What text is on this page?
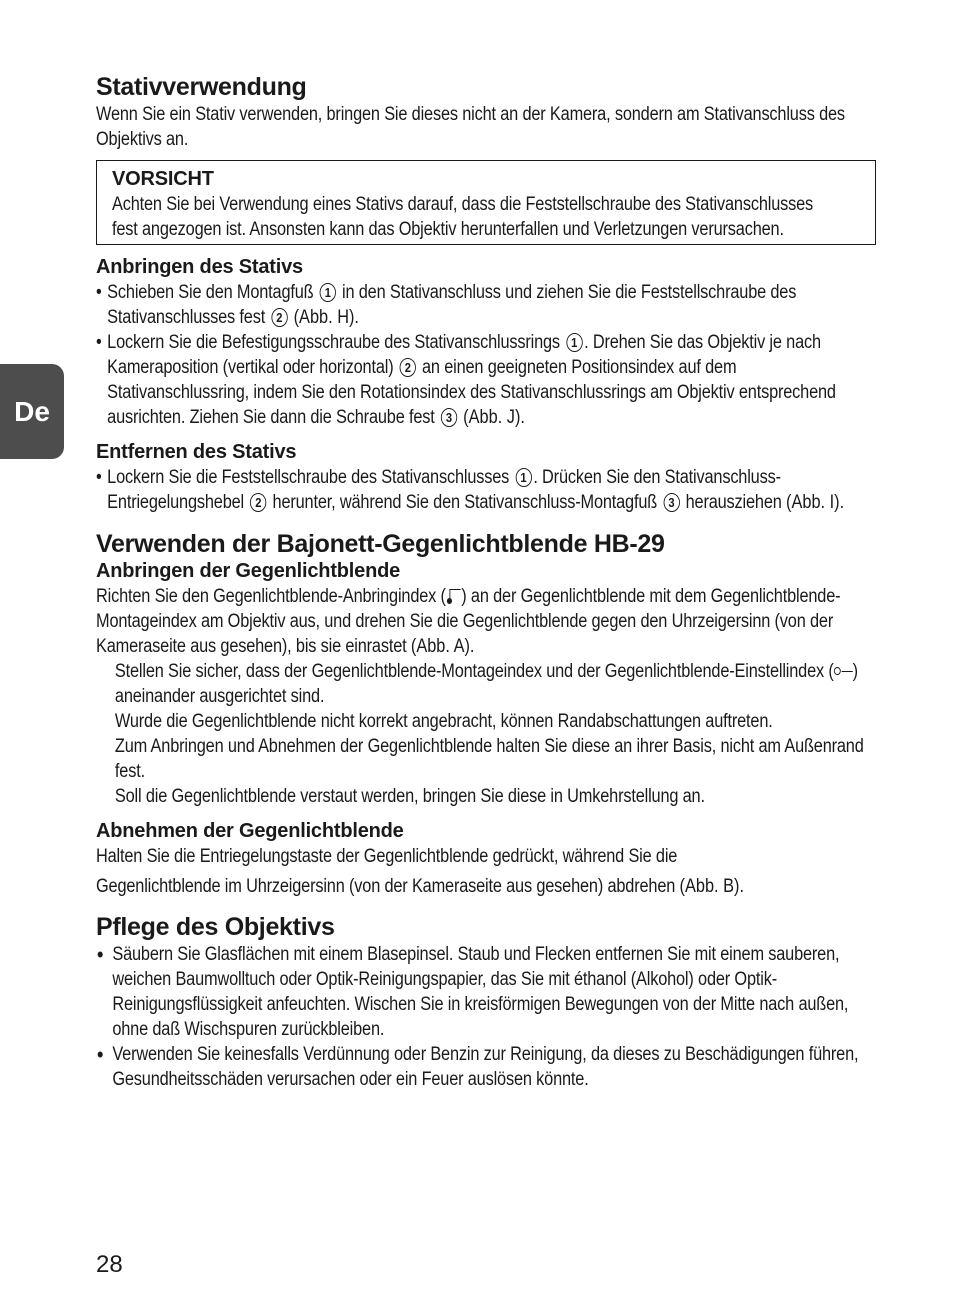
De
Stativverwendung
Wenn Sie ein Stativ verwenden, bringen Sie dieses nicht an der Kamera, sondern am Stativanschluss des Objektivs an.
VORSICHT
Achten Sie bei Verwendung eines Stativs darauf, dass die Feststellschraube des Stativanschlusses fest angezogen ist. Ansonsten kann das Objektiv herunterfallen und Verletzungen verursachen.
Anbringen des Stativs
• Schieben Sie den Montagfuß 1 in den Stativanschluss und ziehen Sie die Feststellschraube des Stativanschlusses fest 2 (Abb. H).
• Lockern Sie die Befestigungsschraube des Stativanschlussrings 1 . Drehen Sie das Objektiv je nach Kameraposition (vertikal oder horizontal) 2 an einen geeigneten Positionsindex auf dem Stativanschlussring, indem Sie den Rotationsindex des Stativanschlussrings am Objektiv entsprechend ausrichten. Ziehen Sie dann die Schraube fest 3 (Abb. J).
Entfernen des Stativs
• Lockern Sie die Feststellschraube des Stativanschlusses 1 . Drücken Sie den Stativanschluss-Entriegelungshebel 2 herunter, während Sie den Stativanschluss-Montagfuß 3 herausziehen (Abb. I).
Verwenden der Bajonett-Gegenlichtblende HB-29
Anbringen der Gegenlichtblende
Richten Sie den Gegenlichtblende-Anbringindex ( ) an der Gegenlichtblende mit dem Gegenlichtblende-Montageindex am Objektiv aus, und drehen Sie die Gegenlichtblende gegen den Uhrzeigersinn (von der Kameraseite aus gesehen), bis sie einrastet (Abb. A).
Stellen Sie sicher, dass der Gegenlichtblende-Montageindex und der Gegenlichtblende-Einstellindex ( ) aneinander ausgerichtet sind.
Wurde die Gegenlichtblende nicht korrekt angebracht, können Randabschattungen auftreten.
Zum Anbringen und Abnehmen der Gegenlichtblende halten Sie diese an ihrer Basis, nicht am Außenrand fest.
Soll die Gegenlichtblende verstaut werden, bringen Sie diese in Umkehrstellung an.
Abnehmen der Gegenlichtblende
Halten Sie die Entriegelungstaste der Gegenlichtblende gedrückt, während Sie die
Gegenlichtblende im Uhrzeigersinn (von der Kameraseite aus gesehen) abdrehen (Abb. B).
Pflege des Objektivs
• Säubern Sie Glasflächen mit einem Blasepinsel. Staub und Flecken entfernen Sie mit einem sauberen, weichen Baumwolltuch oder Optik-Reinigungspapier, das Sie mit éthanol (Alkohol) oder Optik-Reinigungsflüssigkeit anfeuchten. Wischen Sie in kreisförmigen Bewegungen von der Mitte nach außen, ohne daß Wischspuren zurückbleiben.
• Verwenden Sie keinesfalls Verdünnung oder Benzin zur Reinigung, da dieses zu Beschädigungen führen, Gesundheitsschäden verursachen oder ein Feuer auslösen könnte.
28
